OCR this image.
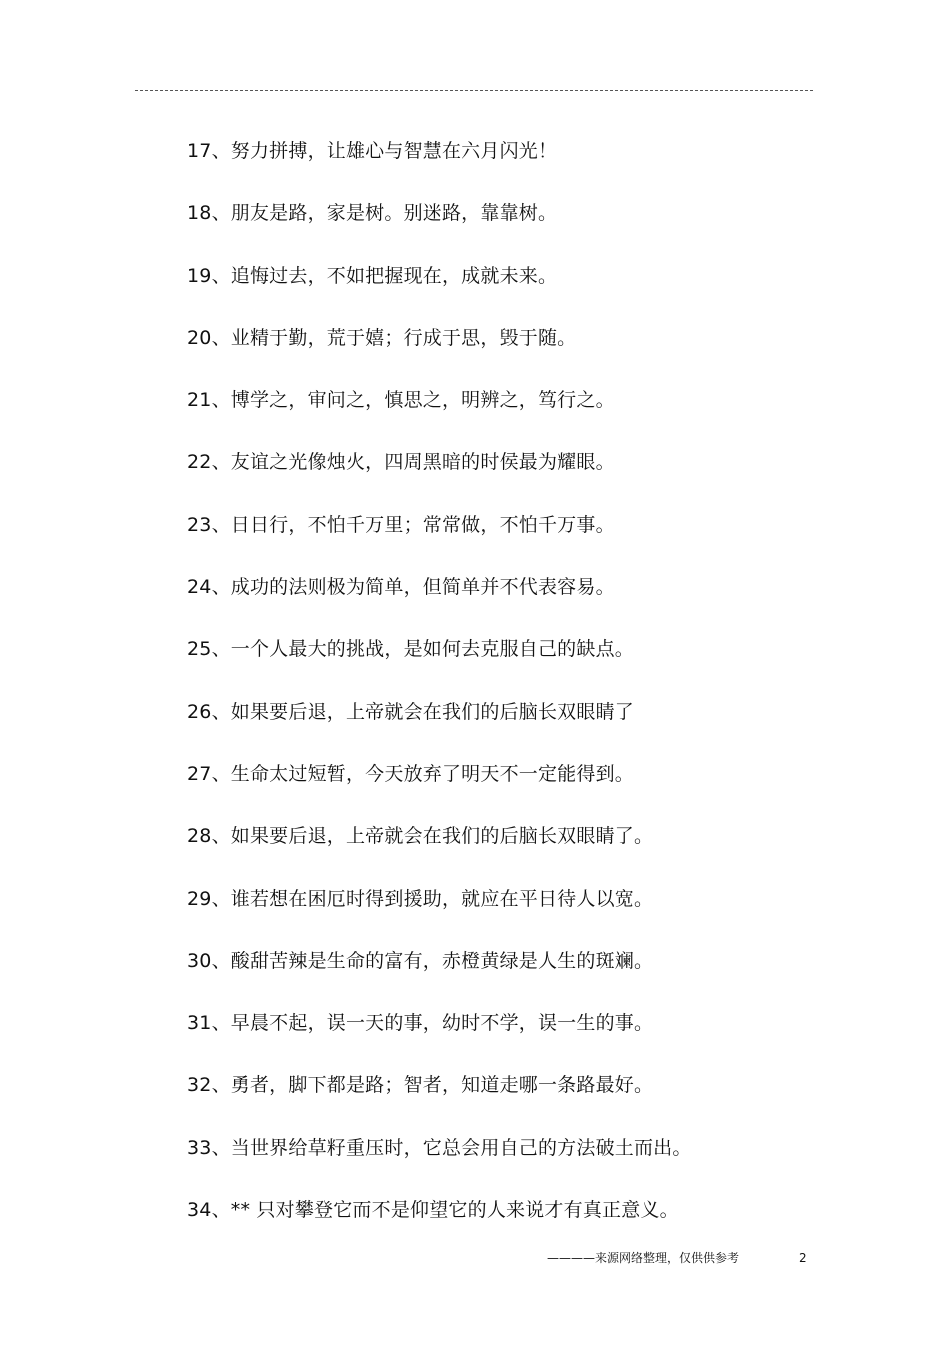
17、努力拼搏，让雄心与智慧在六月闪光！
18、朋友是路，家是树。别迷路，靠靠树。
19、追悔过去，不如把握现在，成就未来。
20、业精于勤，荒于嬉；行成于思，毁于随。
21、博学之，审问之，慎思之，明辨之，笃行之。
22、友谊之光像烛火，四周黑暗的时侯最为耀眼。
23、日日行，不怕千万里；常常做，不怕千万事。
24、成功的法则极为简单，但简单并不代表容易。
25、一个人最大的挑战，是如何去克服自己的缺点。
26、如果要后退，上帝就会在我们的后脑长双眼睛了
27、生命太过短暂，今天放弃了明天不一定能得到。
28、如果要后退，上帝就会在我们的后脑长双眼睛了。
29、谁若想在困厄时得到援助，就应在平日待人以宽。
30、酸甜苦辣是生命的富有，赤橙黄绿是人生的斑斓。
31、早晨不起，误一天的事，幼时不学，误一生的事。
32、勇者，脚下都是路；智者，知道走哪一条路最好。
33、当世界给草籽重压时，它总会用自己的方法破土而出。
34、** 只对攀登它而不是仰望它的人来说才有真正意义。
————来源网络整理，仅供供参考	2
